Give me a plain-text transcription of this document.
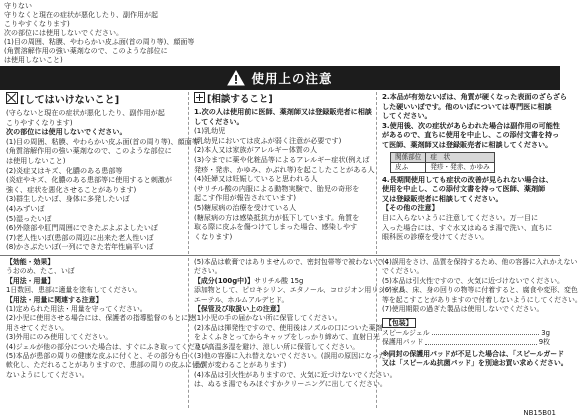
守りない
守りなくと現在の症状が悪化したり、副作用が起
こりやすくなります)
次の部位には使用しないでください。
(1)目の周囲、粘膜、やわらかい皮ふ面(首の周り等)、顔面等
(角質溶解作用の強い薬剤なので、このような部位に
は使用しないこと)
使用上の注意
[してはいけないこと]
(守らないと現在の症状が悪化したり、副作用が起
こりやすくなります)
次の部位には使用しないでください。
(1)目の周囲、粘膜、やわらかい皮ふ面(首の周り等)、顔面等
(角質溶解作用の強い薬剤なので、このような部位に
は使用しないこと)
(2)炎症又はキズ、化膿のある患部等
(炎症やキズ、化膿のある患部等に使用すると刺激が
強く、症状を悪化させることがあります)
(3)群生したいぼ、身体に多発したいぼ
(4)みずいぼ
(5)湿ったいぼ
(6)外陰部や肛門周囲にできたぶよぶよしたいぼ
(7)老人性いぼ(患部の周辺に出来た老人性いぼ
(8)かさぶたいぼ(一列にできた若年性扁平いぼ
[相談すること]
1.次の人は使用前に医師、薬剤師又は登録販売者に相談
してください。
(1)乳幼児
(乳幼児においては皮ふが弱く注意が必要です)
(2)本人又は家族がアレルギー体質の人
(3)今までに薬や化粧品等によるアレルギー症状(例えば
発疹・発赤、かゆみ、かぶれ等)を起こしたことがある人
(4)妊婦又は妊娠していると思われる人
(サリチル酸の内服による動物実験で、胎児の奇形を
起こす作用が報告されています)
(5)糖尿病の治療を受けている人
(糖尿病の方は感染抵抗力が低下しています。角質を
取る際に皮ふを傷つけてしまった場合、感染しやす
くなります)
2.本品が有効ないぼは、角質が硬くなった表面のざらざら
した硬いいぼです。他のいぼについては専門医に相談
してください。
3.使用後、次の症状があらわれた場合は副作用の可能性
があるので、直ちに使用を中止し、この添付文書を持っ
て医師、薬剤師又は登録販売者に相談してください。
関係部位	症　状
皮ふ	発疹・発赤、かゆみ
4.長期間使用しても症状の改善が見られない場合は、
使用を中止し、この添付文書を持って医師、薬剤師
又は登録販売者に相談してください。
【その他の注意】
目に入らないように注意してください。万一目に
入った場合には、すぐ水又はぬるま湯で洗い、直ちに
眼科医の診療を受けてください。
【効能・効果】
うおのめ、たこ、いぼ
【用法・用量】
1日数回、患部に適量を塗布してください。
【用法・用量に関連する注意】
(1)定められた用法・用量を守ってください。
(2)小児に使用させる場合には、保護者の指導監督のもとに使
用させてください。
(3)外用にのみ使用してください。
(4)ジェルが他の部分についた場合は、すぐにふき取ってください。
(5)本品が患部の周りの健康な皮ふに付くと、その部分も白く
軟化し、ただれることがありますので、患部の周りの皮ふに付か
ないようにしてください。
(5)本品は軟膏ではありませんので、密封包帯等で被わないでく
ださい。
【成分(100g中)】サリチル酸 15g
添加物として、ピロキシリン、エタノール、コロジオン用リシノール
エーテル、ホルムアルデヒド。
【保管及び取扱い上の注意】
(1)小児の手の届かない所に保管してください。
(2)本品は揮発性ですので、使用後はノズルの口についた薬剤
をよくふきとってからキャップをしっかり締めて、直射日光
及び高温多湿を避け、涼しい所に保管してください。
(3)他の容器に入れ替えないでください。(誤用の原因になったり
品質が変わることがあります)
(4)本品は引火性がありますので、火気に近づけないでください。
は、ぬるま湯でもみほぐすかクリーニングに出してください。
(4)誤用をさけ、品質を保持するため、他の容器に入れかえない
でください。
(5)本品は引火性ですので、火気に近づけないでください。
(6)家具、床、身の回りの物等に付着すると、腐食や変形、変色
等を起こすことがありますので付着しないようにしてください。
(7)使用期限の過ぎた製品は使用しないでください。
【包装】
スピールジェル	3g
保護用パッド	9枚
※同封の保護用パッドが不足した場合は、「スピールガード
又は「スピールぬ抗菌パッド」を別途お買い求めください。
NB15B01
